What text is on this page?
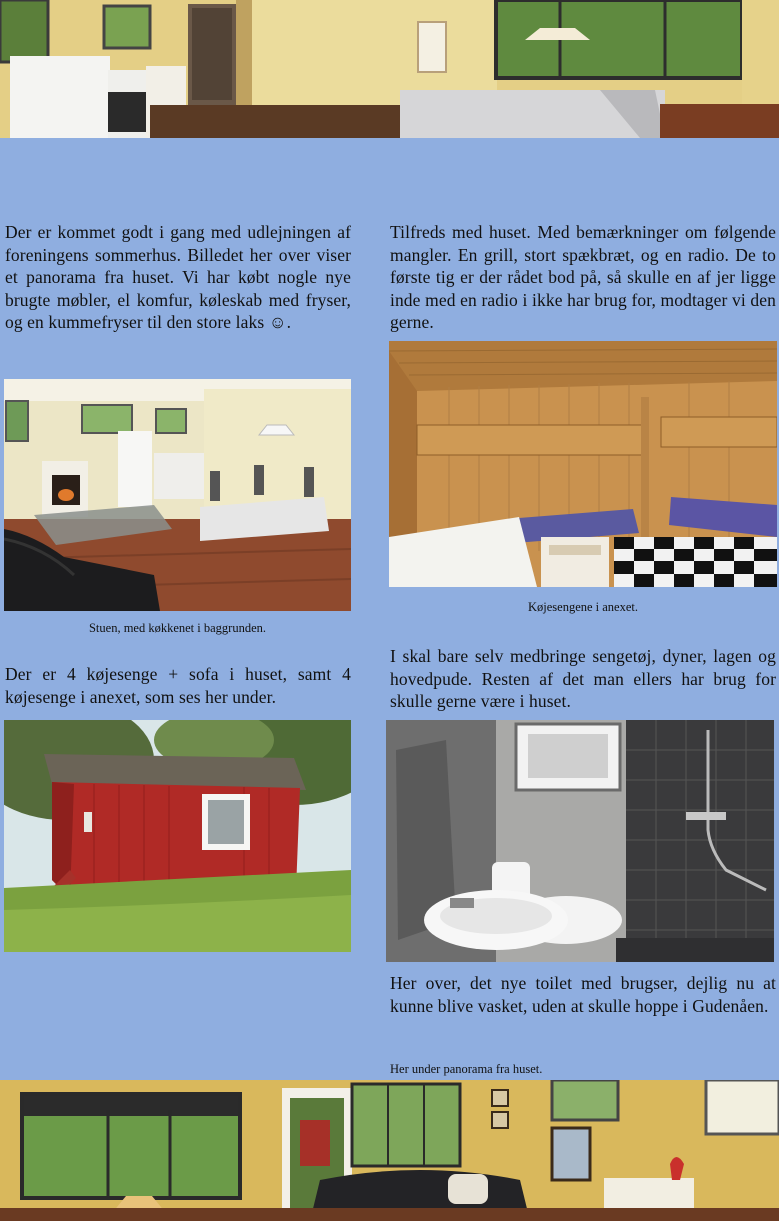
Der er kommet godt i gang med udlejningen af foreningens sommerhus. Billedet her over viser et panorama fra huset. Vi har købt nogle nye brugte møbler, el komfur, køleskab med fryser, og en kummefryser til den store laks ☺.

Stuen, med køkkenet i baggrunden.

Der er 4 køjesenge + sofa i huset, samt 4 køjesenge i anexet, som ses her under.

Tilfreds med huset. Med bemærkninger om følgende mangler. En grill, stort spækbræt, og en radio. De to første tig er der rådet bod på, så skulle en af jer ligge inde med en radio i ikke har brug for, modtager vi den gerne.

Køjesengene i anexet.

I skal bare selv medbringe sengetøj, dyner, lagen og hovedpude. Resten af det man ellers har brug for skulle gerne være i huset.

Her over, det nye toilet med brugser, dejlig nu at kunne blive vasket, uden at skulle hoppe i Gudenåen.

Her under panorama fra huset.
